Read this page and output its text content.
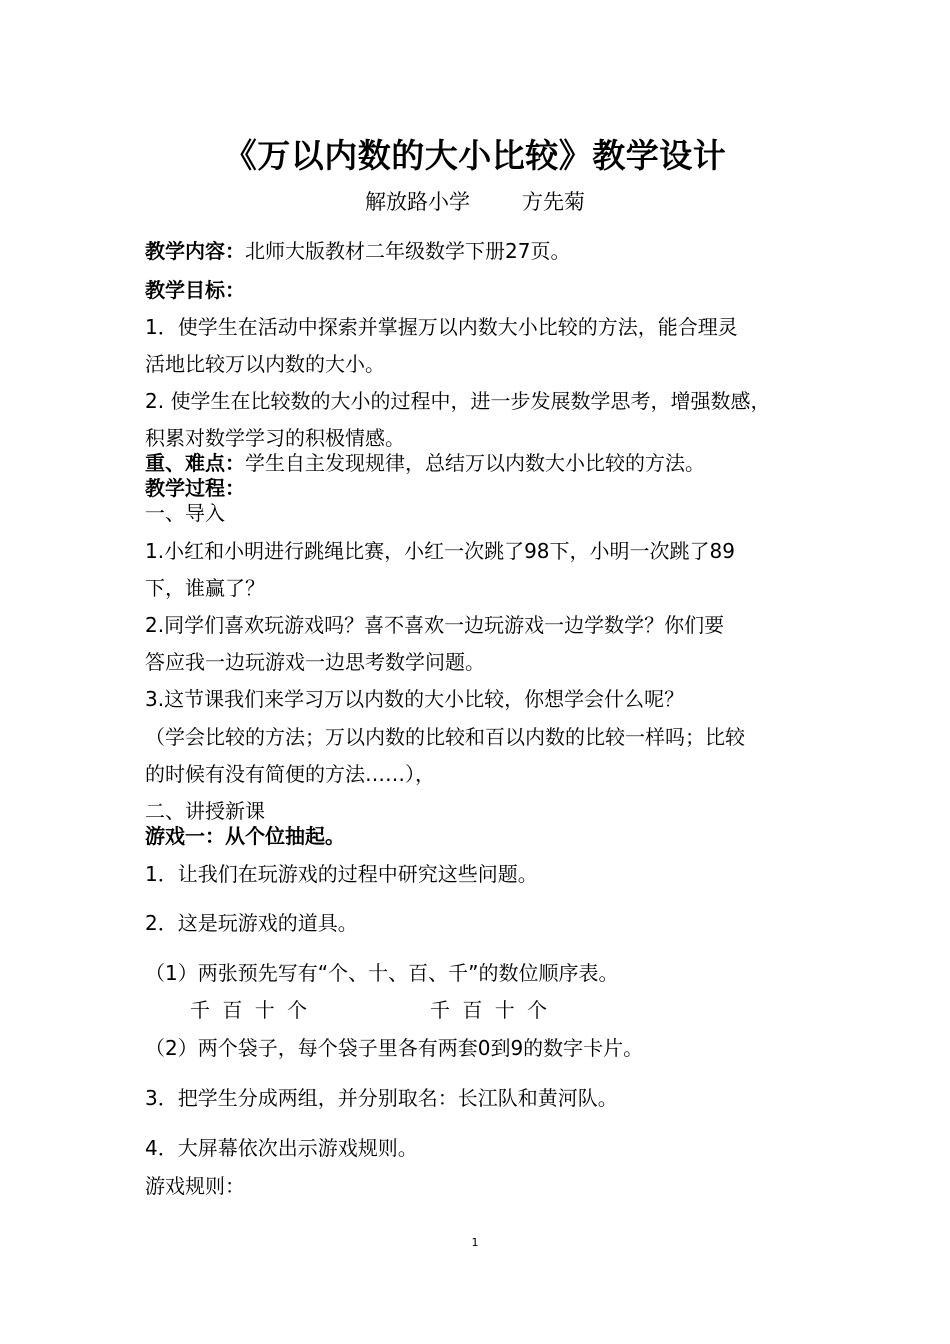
《万以内数的大小比较》教学设计
解放路小学 方先菊
教学内容：北师大版教材二年级数学下册27页。
教学目标：
1．使学生在活动中探索并掌握万以内数大小比较的方法，能合理灵
活地比较万以内数的大小。
2. 使学生在比较数的大小的过程中，进一步发展数学思考，增强数感，
积累对数学学习的积极情感。
重、难点：学生自主发现规律，总结万以内数大小比较的方法。
教学过程：
一、导入
1.小红和小明进行跳绳比赛，小红一次跳了98下，小明一次跳了89
下，谁赢了？
2.同学们喜欢玩游戏吗？喜不喜欢一边玩游戏一边学数学？你们要
答应我一边玩游戏一边思考数学问题。
3.这节课我们来学习万以内数的大小比较，你想学会什么呢？
（学会比较的方法；万以内数的比较和百以内数的比较一样吗；比较
的时候有没有简便的方法……），
二、讲授新课
游戏一：从个位抽起。
1．让我们在玩游戏的过程中研究这些问题。
2．这是玩游戏的道具。
（1）两张预先写有“个、十、百、千”的数位顺序表。
千 百 十 个	千 百 十 个
（2）两个袋子，每个袋子里各有两套0到9的数字卡片。
3．把学生分成两组，并分别取名：长江队和黄河队。
4．大屏幕依次出示游戏规则。
游戏规则：
1
